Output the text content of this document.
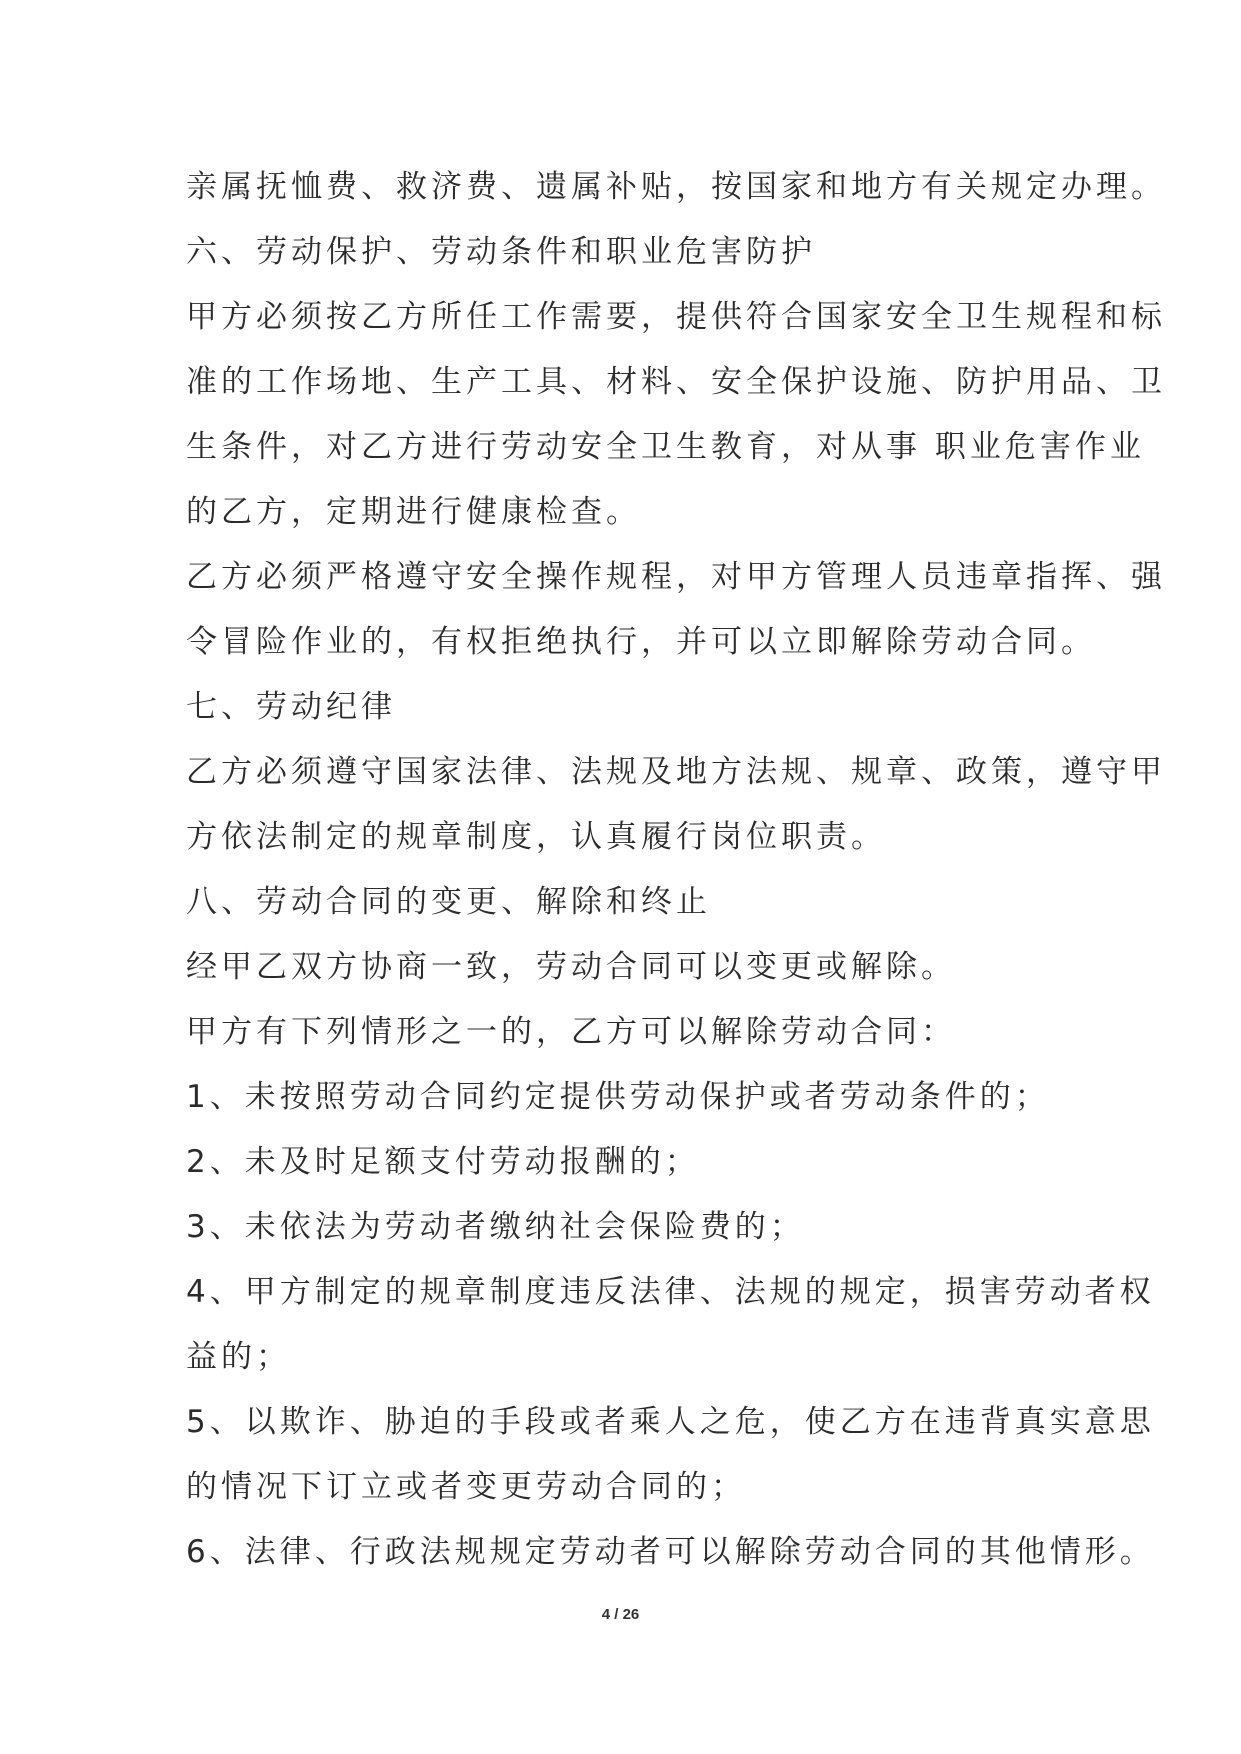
亲属抚恤费、救济费、遗属补贴，按国家和地方有关规定办理。
六、劳动保护、劳动条件和职业危害防护
甲方必须按乙方所任工作需要，提供符合国家安全卫生规程和标
准的工作场地、生产工具、材料、安全保护设施、防护用品、卫
生条件，对乙方进行劳动安全卫生教育，对从事 职业危害作业
的乙方，定期进行健康检查。
乙方必须严格遵守安全操作规程，对甲方管理人员违章指挥、强
令冒险作业的，有权拒绝执行，并可以立即解除劳动合同。
七、劳动纪律
乙方必须遵守国家法律、法规及地方法规、规章、政策，遵守甲
方依法制定的规章制度，认真履行岗位职责。
八、劳动合同的变更、解除和终止
经甲乙双方协商一致，劳动合同可以变更或解除。
甲方有下列情形之一的，乙方可以解除劳动合同：
1、未按照劳动合同约定提供劳动保护或者劳动条件的；
2、未及时足额支付劳动报酬的；
3、未依法为劳动者缴纳社会保险费的；
4、甲方制定的规章制度违反法律、法规的规定，损害劳动者权
益的；
5、以欺诈、胁迫的手段或者乘人之危，使乙方在违背真实意思
的情况下订立或者变更劳动合同的；
6、法律、行政法规规定劳动者可以解除劳动合同的其他情形。
4 / 26
